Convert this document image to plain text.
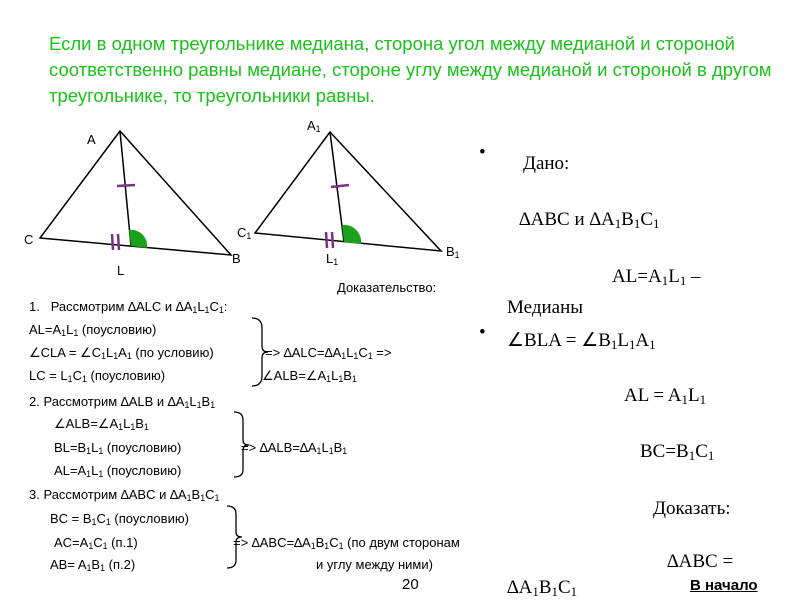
Если в одном треугольнике медиана, сторона угол между медианой и стороной соответственно равны медиане, стороне углу между медианой и стороной в другом треугольнике, то треугольники равны.
А
С
L
B
$А_1$
$С_1$
$L_1$
$B_1$
Доказательство:
1. Рассмотрим ∆ALC и $\Delta A_1L_1C_1$:
$AL=A_1L_1$ (поусловию)
∠CLA = $\angle C_1L_1A_1$ (по условию)	=> $\Delta ALC=\Delta A_1L_1C_1$ =>
LC = $L_1C_1$ (поусловию)	$\angle ALB=\angle A_1L_1B_1$
2. Рассмотрим ∆ALB и $\Delta A_1L_1B_1$
$\angle ALB=\angle A_1L_1B_1$
$BL=B_1L_1$ (поусловию)	=> $\Delta ALB=\Delta A_1L_1B_1$
$AL=A_1L_1$ (поусловию)
3. Рассмотрим ∆ABC и $\Delta A_1B_1C_1$
BC = $B_1C_1$ (поусловию)
$AC=A_1C_1$ (п.1)	=> $\Delta ABC=\Delta A_1B_1C_1$ (по двум сторонам
и углу между ними)
$AB= A_1B_1$ (п.2)
•
Дано:
∆ABC и $\Delta A_1B_1C_1$
$AL=A_1L_1$ –
Медианы
• ∠BLA = $\angle B_1L_1A_1$
AL = $A_1L_1$
$BC=B_1C_1$
Доказать:
∆ABC =
$\Delta A_1B_1C_1$
20	В начало
